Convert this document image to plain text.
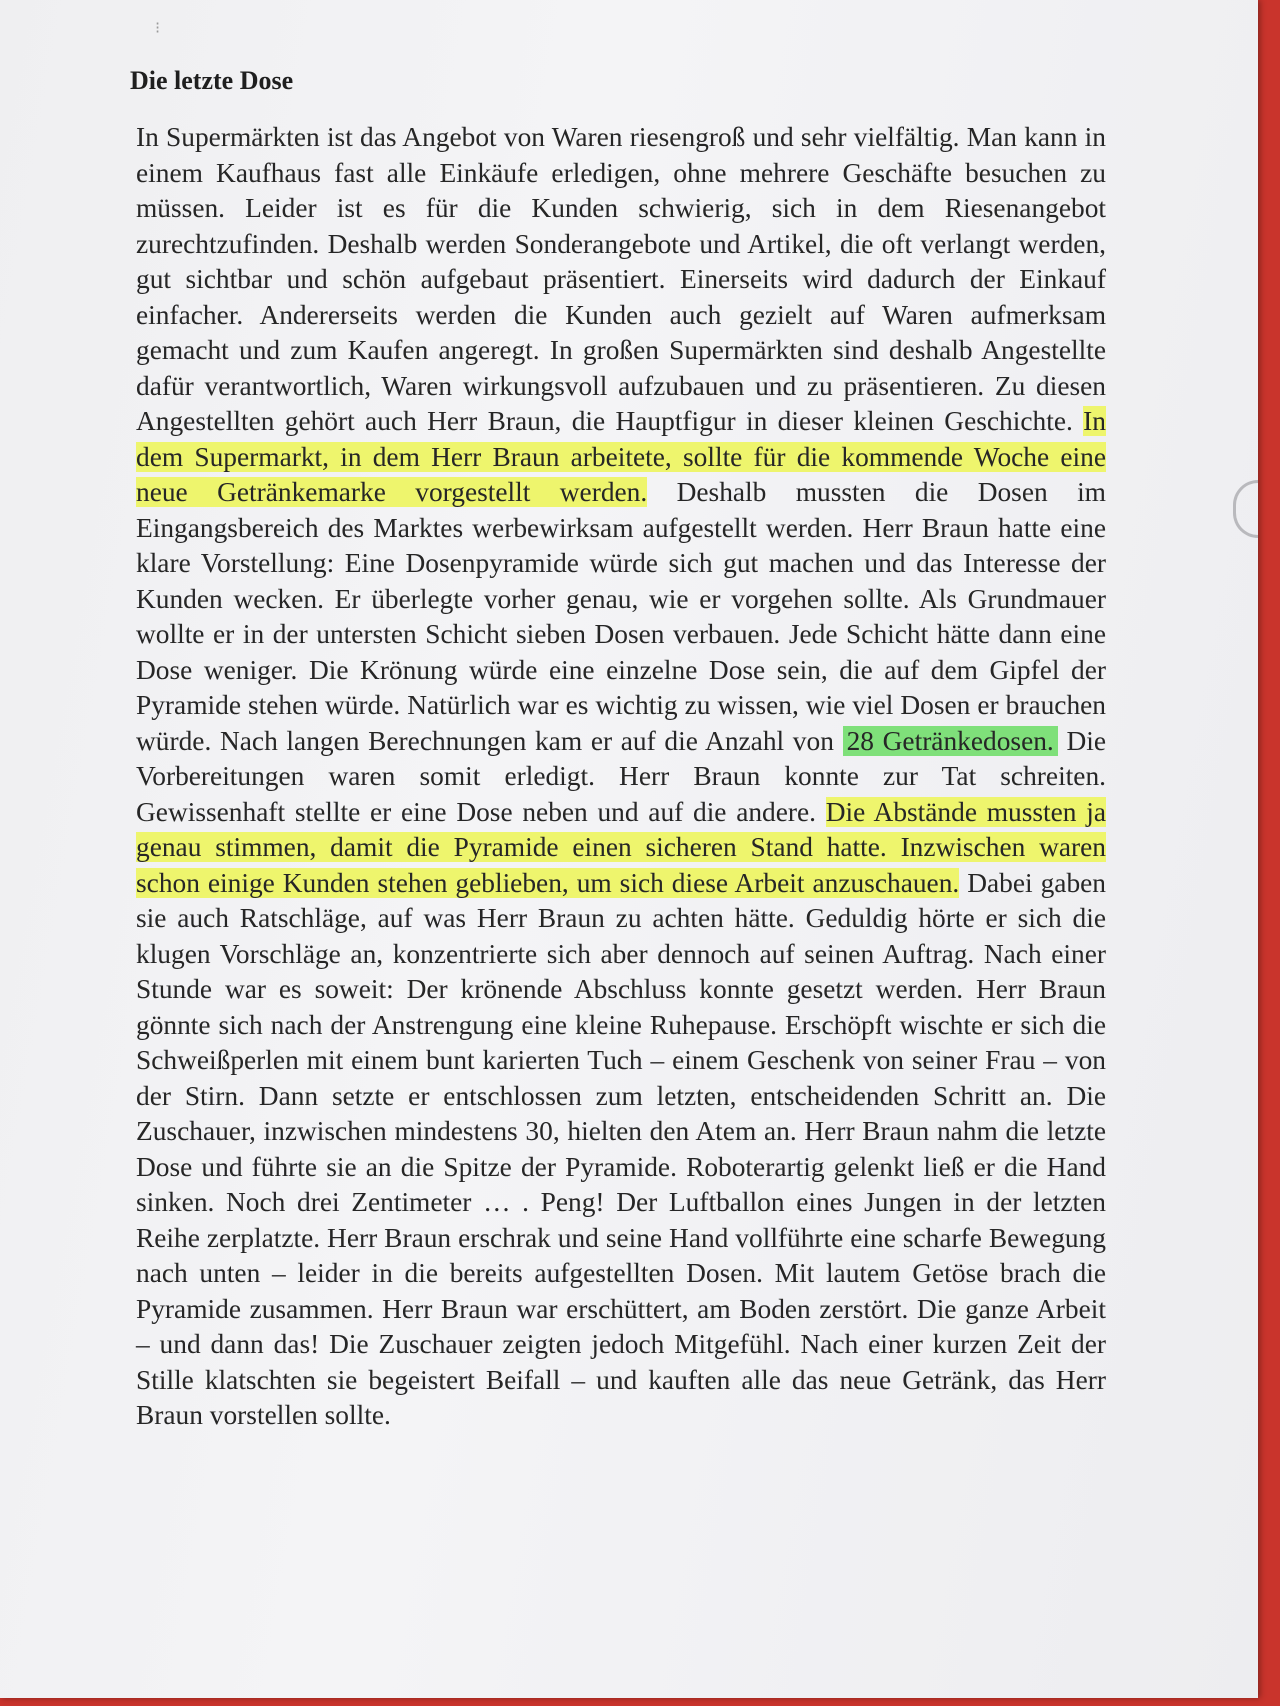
⁝
Die letzte Dose

In Supermärkten ist das Angebot von Waren riesengroß und sehr vielfältig. Man kann in einem Kaufhaus fast alle Einkäufe erledigen, ohne mehrere Geschäfte besuchen zu müssen. Leider ist es für die Kunden schwierig, sich in dem Riesenangebot zurechtzufinden. Deshalb werden Sonderangebote und Artikel, die oft verlangt werden, gut sichtbar und schön aufgebaut präsentiert. Einerseits wird dadurch der Einkauf einfacher. Andererseits werden die Kunden auch gezielt auf Waren aufmerksam gemacht und zum Kaufen angeregt. In großen Supermärkten sind deshalb Angestellte dafür verantwortlich, Waren wirkungsvoll aufzubauen und zu präsentieren. Zu diesen Angestellten gehört auch Herr Braun, die Hauptfigur in dieser kleinen Geschichte. In dem Supermarkt, in dem Herr Braun arbeitete, sollte für die kommende Woche eine neue Getränkemarke vorgestellt werden. Deshalb mussten die Dosen im Eingangsbereich des Marktes werbewirksam aufgestellt werden. Herr Braun hatte eine klare Vorstellung: Eine Dosenpyramide würde sich gut machen und das Interesse der Kunden wecken. Er überlegte vorher genau, wie er vorgehen sollte. Als Grundmauer wollte er in der untersten Schicht sieben Dosen verbauen. Jede Schicht hätte dann eine Dose weniger. Die Krönung würde eine einzelne Dose sein, die auf dem Gipfel der Pyramide stehen würde. Natürlich war es wichtig zu wissen, wie viel Dosen er brauchen würde. Nach langen Berechnungen kam er auf die Anzahl von 28 Getränkedosen. Die Vorbereitungen waren somit erledigt. Herr Braun konnte zur Tat schreiten. Gewissenhaft stellte er eine Dose neben und auf die andere. Die Abstände mussten ja genau stimmen, damit die Pyramide einen sicheren Stand hatte. Inzwischen waren schon einige Kunden stehen geblieben, um sich diese Arbeit anzuschauen. Dabei gaben sie auch Ratschläge, auf was Herr Braun zu achten hätte. Geduldig hörte er sich die klugen Vorschläge an, konzentrierte sich aber dennoch auf seinen Auftrag. Nach einer Stunde war es soweit: Der krönende Abschluss konnte gesetzt werden. Herr Braun gönnte sich nach der Anstrengung eine kleine Ruhepause. Erschöpft wischte er sich die Schweißperlen mit einem bunt karierten Tuch – einem Geschenk von seiner Frau – von der Stirn. Dann setzte er entschlossen zum letzten, entscheidenden Schritt an. Die Zuschauer, inzwischen mindestens 30, hielten den Atem an. Herr Braun nahm die letzte Dose und führte sie an die Spitze der Pyramide. Roboterartig gelenkt ließ er die Hand sinken. Noch drei Zentimeter … . Peng! Der Luftballon eines Jungen in der letzten Reihe zerplatzte. Herr Braun erschrak und seine Hand vollführte eine scharfe Bewegung nach unten – leider in die bereits aufgestellten Dosen. Mit lautem Getöse brach die Pyramide zusammen. Herr Braun war erschüttert, am Boden zerstört. Die ganze Arbeit – und dann das! Die Zuschauer zeigten jedoch Mitgefühl. Nach einer kurzen Zeit der Stille klatschten sie begeistert Beifall – und kauften alle das neue Getränk, das Herr Braun vorstellen sollte.
